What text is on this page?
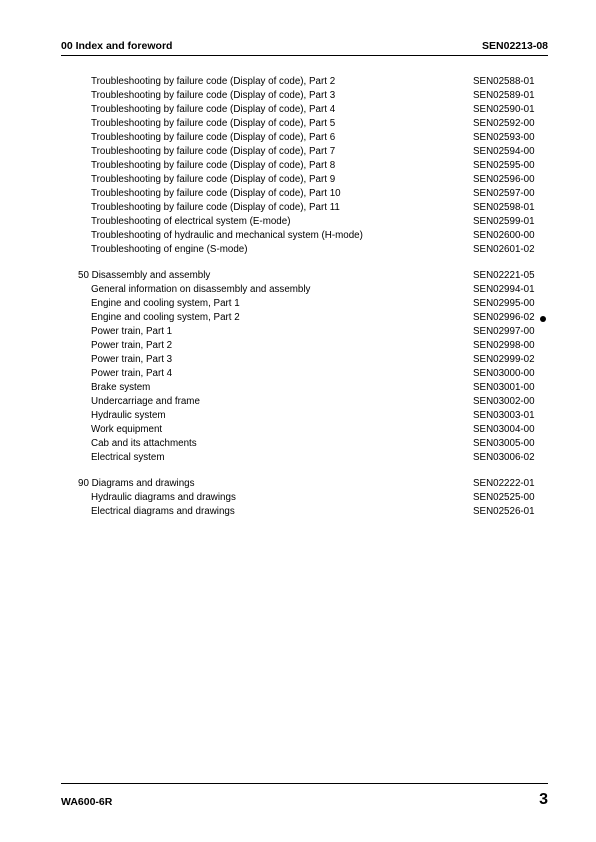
00 Index and foreword	SEN02213-08
Troubleshooting by failure code (Display of code), Part 2	SEN02588-01
Troubleshooting by failure code (Display of code), Part 3	SEN02589-01
Troubleshooting by failure code (Display of code), Part 4	SEN02590-01
Troubleshooting by failure code (Display of code), Part 5	SEN02592-00
Troubleshooting by failure code (Display of code), Part 6	SEN02593-00
Troubleshooting by failure code (Display of code), Part 7	SEN02594-00
Troubleshooting by failure code (Display of code), Part 8	SEN02595-00
Troubleshooting by failure code (Display of code), Part 9	SEN02596-00
Troubleshooting by failure code (Display of code), Part 10	SEN02597-00
Troubleshooting by failure code (Display of code), Part 11	SEN02598-01
Troubleshooting of electrical system (E-mode)	SEN02599-01
Troubleshooting of hydraulic and mechanical system (H-mode)	SEN02600-00
Troubleshooting of engine (S-mode)	SEN02601-02
50 Disassembly and assembly	SEN02221-05
General information on disassembly and assembly	SEN02994-01
Engine and cooling system, Part 1	SEN02995-00
Engine and cooling system, Part 2	SEN02996-02
Power train, Part 1	SEN02997-00
Power train, Part 2	SEN02998-00
Power train, Part 3	SEN02999-02
Power train, Part 4	SEN03000-00
Brake system	SEN03001-00
Undercarriage and frame	SEN03002-00
Hydraulic system	SEN03003-01
Work equipment	SEN03004-00
Cab and its attachments	SEN03005-00
Electrical system	SEN03006-02
90 Diagrams and drawings	SEN02222-01
Hydraulic diagrams and drawings	SEN02525-00
Electrical diagrams and drawings	SEN02526-01
WA600-6R	3
